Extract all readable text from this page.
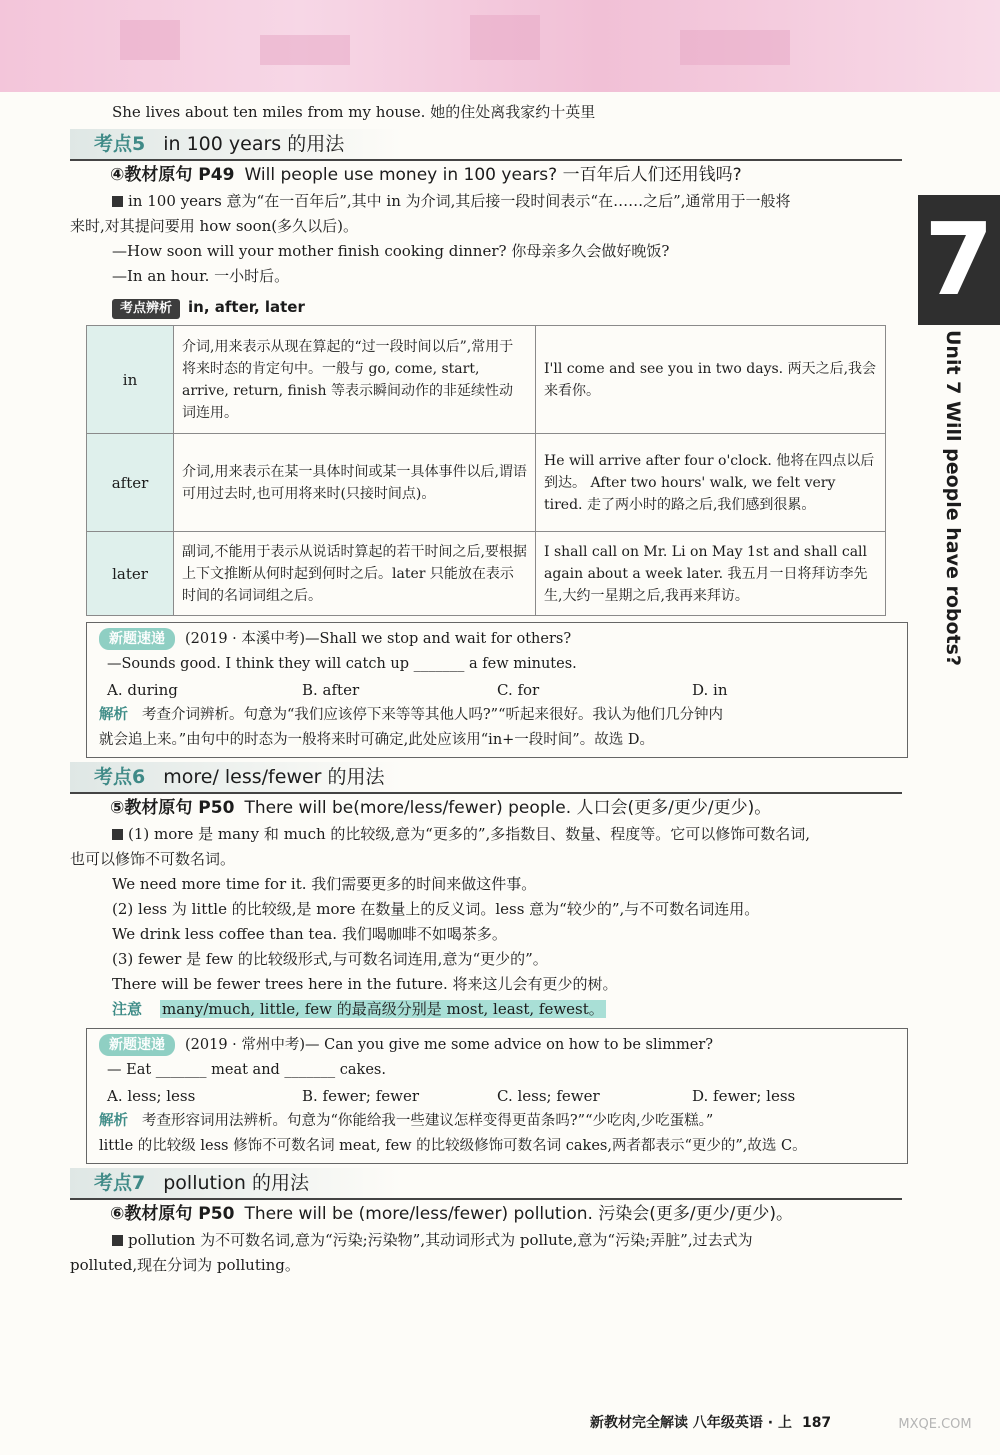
7
Unit 7 Will people have robots?
She lives about ten miles from my house. 她的住处离我家约十英里
考点5 in 100 years 的用法
④教材原句 P49 Will people use money in 100 years? 一百年后人们还用钱吗?
in 100 years 意为“在一百年后”,其中 in 为介词,其后接一段时间表示“在……之后”,通常用于一般将
来时,对其提问要用 how soon(多久以后)。
—How soon will your mother finish cooking dinner? 你母亲多久会做好晚饭?
—In an hour. 一小时后。
考点辨析 in, after, later
in	介词,用来表示从现在算起的“过一段时间以后”,常用于将来时态的肯定句中。一般与 go, come, start, arrive, return, finish 等表示瞬间动作的非延续性动词连用。	I'll come and see you in two days. 两天之后,我会来看你。
after	介词,用来表示在某一具体时间或某一具体事件以后,谓语可用过去时,也可用将来时(只接时间点)。	He will arrive after four o'clock. 他将在四点以后到达。 After two hours' walk, we felt very tired. 走了两小时的路之后,我们感到很累。
later	副词,不能用于表示从说话时算起的若干时间之后,要根据上下文推断从何时起到何时之后。later 只能放在表示时间的名词词组之后。	I shall call on Mr. Li on May 1st and shall call again about a week later. 我五月一日将拜访李先生,大约一星期之后,我再来拜访。
新题速递 (2019 · 本溪中考)—Shall we stop and wait for others?
—Sounds good. I think they will catch up _______ a few minutes.
A. during	B. after	C. for	D. in
解析 考查介词辨析。句意为“我们应该停下来等等其他人吗?”“听起来很好。我认为他们几分钟内
就会追上来。”由句中的时态为一般将来时可确定,此处应该用“in+一段时间”。故选 D。
考点6 more/ less/fewer 的用法
⑤教材原句 P50 There will be(more/less/fewer) people. 人口会(更多/更少/更少)。
(1) more 是 many 和 much 的比较级,意为“更多的”,多指数目、数量、程度等。它可以修饰可数名词,
也可以修饰不可数名词。
We need more time for it. 我们需要更多的时间来做这件事。
(2) less 为 little 的比较级,是 more 在数量上的反义词。less 意为“较少的”,与不可数名词连用。
We drink less coffee than tea. 我们喝咖啡不如喝茶多。
(3) fewer 是 few 的比较级形式,与可数名词连用,意为“更少的”。
There will be fewer trees here in the future. 将来这儿会有更少的树。
注意 many/much, little, few 的最高级分别是 most, least, fewest。
新题速递 (2019 · 常州中考)— Can you give me some advice on how to be slimmer?
— Eat _______ meat and _______ cakes.
A. less; less	B. fewer; fewer	C. less; fewer	D. fewer; less
解析 考查形容词用法辨析。句意为“你能给我一些建议怎样变得更苗条吗?”“少吃肉,少吃蛋糕。”
little 的比较级 less 修饰不可数名词 meat, few 的比较级修饰可数名词 cakes,两者都表示“更少的”,故选 C。
考点7 pollution 的用法
⑥教材原句 P50 There will be (more/less/fewer) pollution. 污染会(更多/更少/更少)。
pollution 为不可数名词,意为“污染;污染物”,其动词形式为 pollute,意为“污染;弄脏”,过去式为
polluted,现在分词为 polluting。
新教材完全解读 八年级英语 · 上 187	MXQE.COM
